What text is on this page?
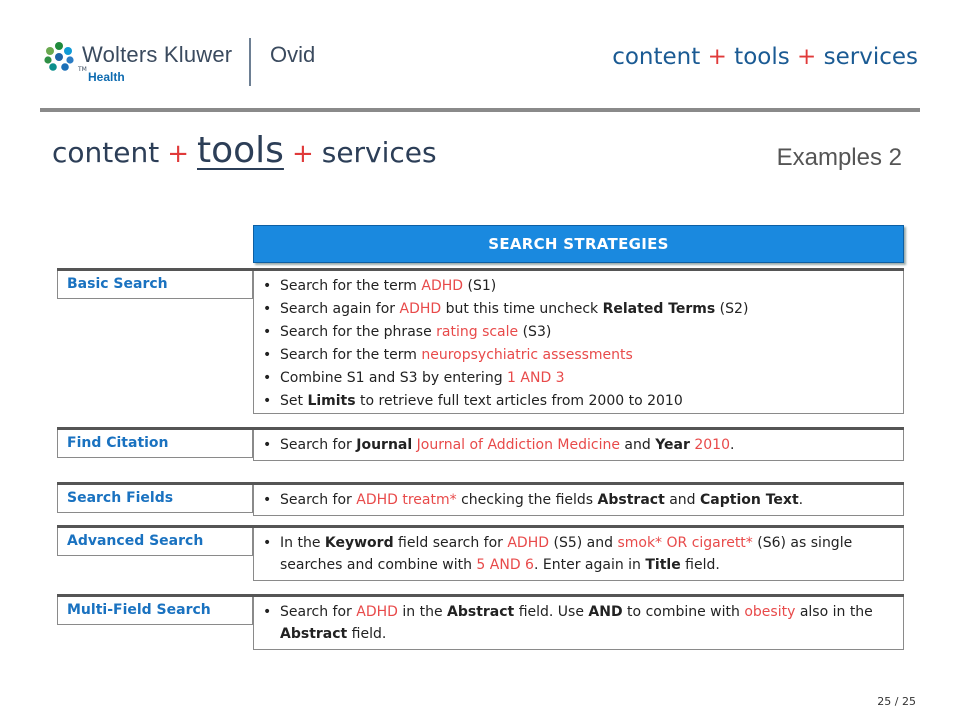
Wolters Kluwer
TM
Health
Ovid	content + tools + services
content + tools + services	Examples 2
SEARCH STRATEGIES
Basic Search	• Search for the term ADHD (S1)
• Search again for ADHD but this time uncheck Related Terms (S2)
• Search for the phrase rating scale (S3)
• Search for the term neuropsychiatric assessments
• Combine S1 and S3 by entering 1 AND 3
• Set Limits to retrieve full text articles from 2000 to 2010
Find Citation	• Search for Journal Journal of Addiction Medicine and Year 2010.
Search Fields	• Search for ADHD treatm* checking the fields Abstract and Caption Text.
Advanced Search	• In the Keyword field search for ADHD (S5) and smok* OR cigarett* (S6) as single searches and combine with 5 AND 6. Enter again in Title field.
Multi-Field Search	• Search for ADHD in the Abstract field. Use AND to combine with obesity also in the Abstract field.
25 / 25
